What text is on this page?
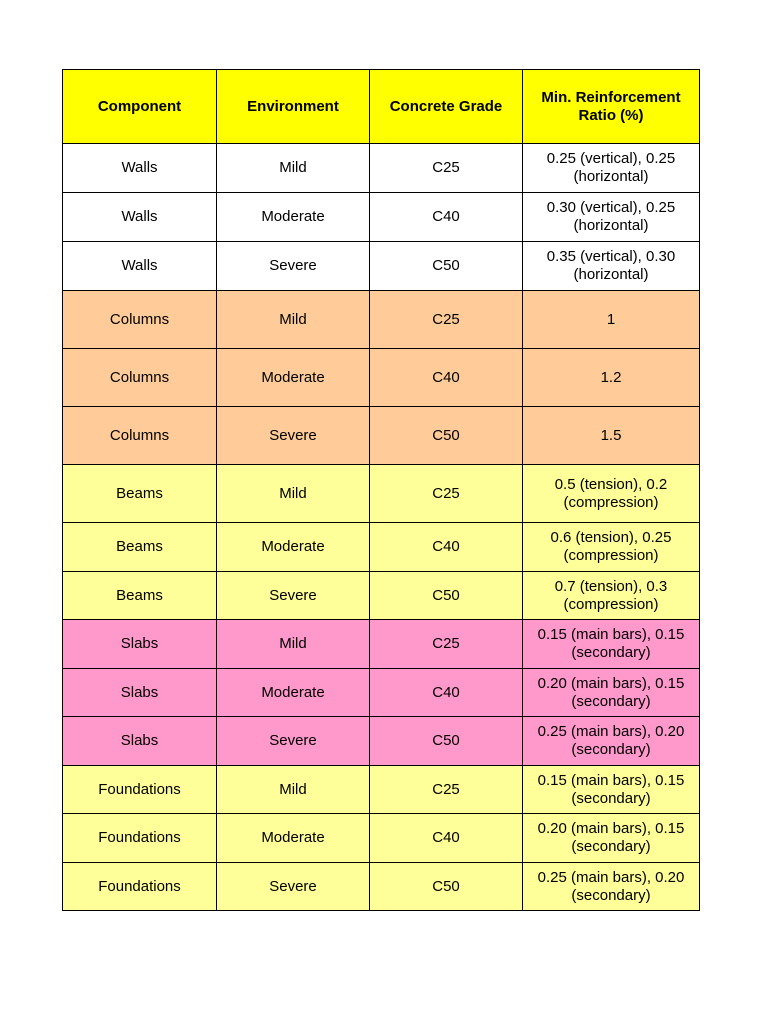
Component	Environment	Concrete Grade	Min. Reinforcement Ratio (%)
Walls	Mild	C25	0.25 (vertical), 0.25 (horizontal)
Walls	Moderate	C40	0.30 (vertical), 0.25 (horizontal)
Walls	Severe	C50	0.35 (vertical), 0.30 (horizontal)
Columns	Mild	C25	1
Columns	Moderate	C40	1.2
Columns	Severe	C50	1.5
Beams	Mild	C25	0.5 (tension), 0.2 (compression)
Beams	Moderate	C40	0.6 (tension), 0.25 (compression)
Beams	Severe	C50	0.7 (tension), 0.3 (compression)
Slabs	Mild	C25	0.15 (main bars), 0.15 (secondary)
Slabs	Moderate	C40	0.20 (main bars), 0.15 (secondary)
Slabs	Severe	C50	0.25 (main bars), 0.20 (secondary)
Foundations	Mild	C25	0.15 (main bars), 0.15 (secondary)
Foundations	Moderate	C40	0.20 (main bars), 0.15 (secondary)
Foundations	Severe	C50	0.25 (main bars), 0.20 (secondary)
